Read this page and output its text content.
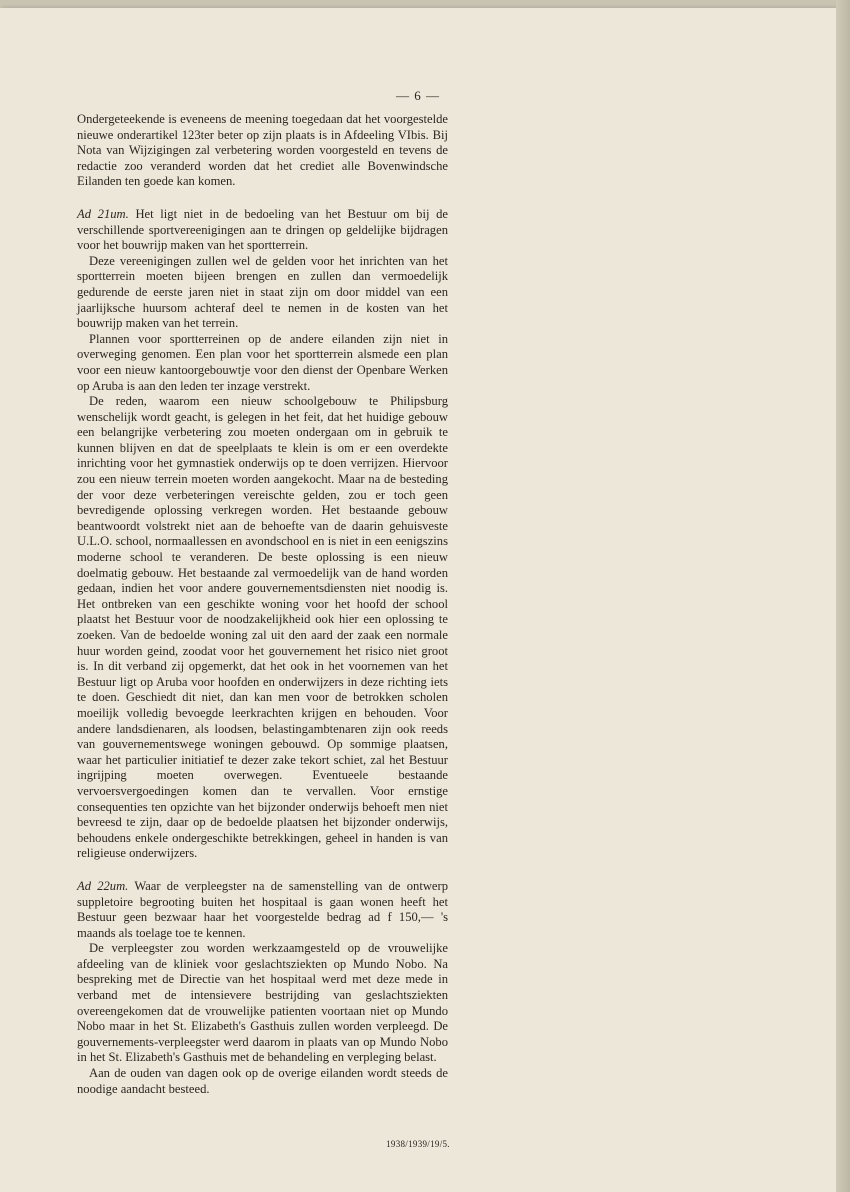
— 6 —

Ondergeteekende is eveneens de meening toegedaan dat het voorgestelde nieuwe onderartikel 123ter beter op zijn plaats is in Afdeeling VIbis. Bij Nota van Wijzigingen zal verbetering worden voorgesteld en tevens de redactie zoo veranderd worden dat het crediet alle Bovenwindsche Eilanden ten goede kan komen.

Ad 21um. Het ligt niet in de bedoeling van het Bestuur om bij de verschillende sportvereenigingen aan te dringen op geldelijke bijdragen voor het bouwrijp maken van het sportterrein.

Deze vereenigingen zullen wel de gelden voor het inrichten van het sportterrein moeten bijeen brengen en zullen dan vermoedelijk gedurende de eerste jaren niet in staat zijn om door middel van een jaarlijksche huursom achteraf deel te nemen in de kosten van het bouwrijp maken van het terrein.

Plannen voor sportterreinen op de andere eilanden zijn niet in overweging genomen. Een plan voor het sportterrein alsmede een plan voor een nieuw kantoorgebouwtje voor den dienst der Openbare Werken op Aruba is aan den leden ter inzage verstrekt.

De reden, waarom een nieuw schoolgebouw te Philipsburg wenschelijk wordt geacht, is gelegen in het feit, dat het huidige gebouw een belangrijke verbetering zou moeten ondergaan om in gebruik te kunnen blijven en dat de speelplaats te klein is om er een overdekte inrichting voor het gymnastiek onderwijs op te doen verrijzen. Hiervoor zou een nieuw terrein moeten worden aangekocht. Maar na de besteding der voor deze verbeteringen vereischte gelden, zou er toch geen bevredigende oplossing verkregen worden. Het bestaande gebouw beantwoordt volstrekt niet aan de behoefte van de daarin gehuisveste U.L.O. school, normaallessen en avondschool en is niet in een eenigszins moderne school te veranderen. De beste oplossing is een nieuw doelmatig gebouw. Het bestaande zal vermoedelijk van de hand worden gedaan, indien het voor andere gouvernementsdiensten niet noodig is. Het ontbreken van een geschikte woning voor het hoofd der school plaatst het Bestuur voor de noodzakelijkheid ook hier een oplossing te zoeken. Van de bedoelde woning zal uit den aard der zaak een normale huur worden geind, zoodat voor het gouvernement het risico niet groot is. In dit verband zij opgemerkt, dat het ook in het voornemen van het Bestuur ligt op Aruba voor hoofden en onderwijzers in deze richting iets te doen. Geschiedt dit niet, dan kan men voor de betrokken scholen moeilijk volledig bevoegde leerkrachten krijgen en behouden. Voor andere landsdienaren, als loodsen, belastingambtenaren zijn ook reeds van gouvernementswege woningen gebouwd. Op sommige plaatsen, waar het particulier initiatief te dezer zake tekort schiet, zal het Bestuur ingrijping moeten overwegen. Eventueele bestaande vervoersvergoedingen komen dan te vervallen. Voor ernstige consequenties ten opzichte van het bijzonder onderwijs behoeft men niet bevreesd te zijn, daar op de bedoelde plaatsen het bijzonder onderwijs, behoudens enkele ondergeschikte betrekkingen, geheel in handen is van religieuse onderwijzers.

Ad 22um. Waar de verpleegster na de samenstelling van de ontwerp suppletoire begrooting buiten het hospitaal is gaan wonen heeft het Bestuur geen bezwaar haar het voorgestelde bedrag ad f 150,— 's maands als toelage toe te kennen.

De verpleegster zou worden werkzaamgesteld op de vrouwelijke afdeeling van de kliniek voor geslachtsziekten op Mundo Nobo. Na bespreking met de Directie van het hospitaal werd met deze mede in verband met de intensievere bestrijding van geslachtsziekten overeengekomen dat de vrouwelijke patienten voortaan niet op Mundo Nobo maar in het St. Elizabeth's Gasthuis zullen worden verpleegd. De gouvernements-verpleegster werd daarom in plaats van op Mundo Nobo in het St. Elizabeth's Gasthuis met de behandeling en verpleging belast.

Aan de ouden van dagen ook op de overige eilanden wordt steeds de noodige aandacht besteed.

1938/1939/19/5.
